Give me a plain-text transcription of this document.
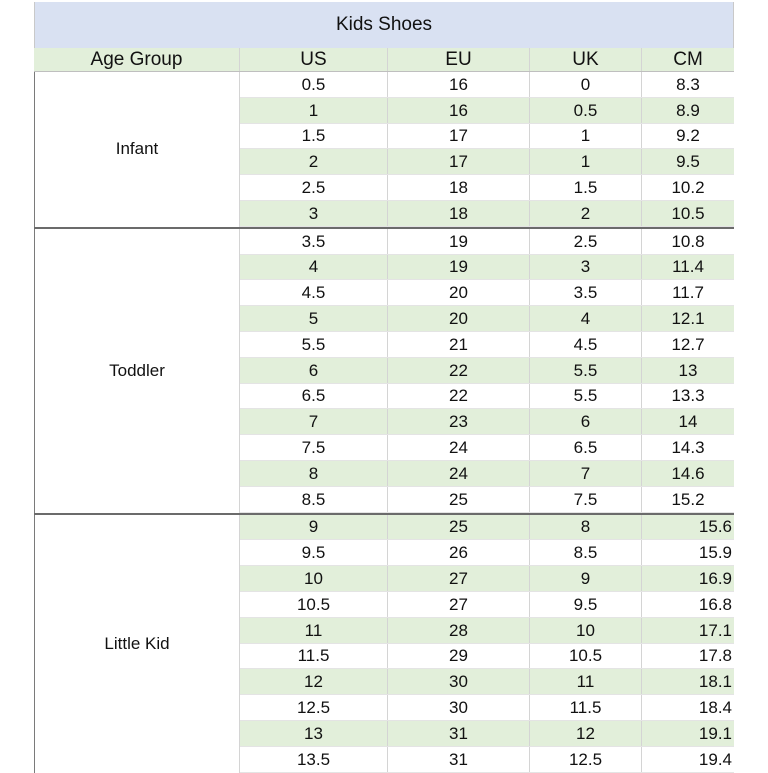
Kids Shoes
Age Group	US	EU	UK	CM
Infant
0.5	16	0	8.3
1	16	0.5	8.9
1.5	17	1	9.2
2	17	1	9.5
2.5	18	1.5	10.2
3	18	2	10.5
Toddler
3.5	19	2.5	10.8
4	19	3	11.4
4.5	20	3.5	11.7
5	20	4	12.1
5.5	21	4.5	12.7
6	22	5.5	13
6.5	22	5.5	13.3
7	23	6	14
7.5	24	6.5	14.3
8	24	7	14.6
8.5	25	7.5	15.2
Little Kid
9	25	8	15.6
9.5	26	8.5	15.9
10	27	9	16.9
10.5	27	9.5	16.8
11	28	10	17.1
11.5	29	10.5	17.8
12	30	11	18.1
12.5	30	11.5	18.4
13	31	12	19.1
13.5	31	12.5	19.4
